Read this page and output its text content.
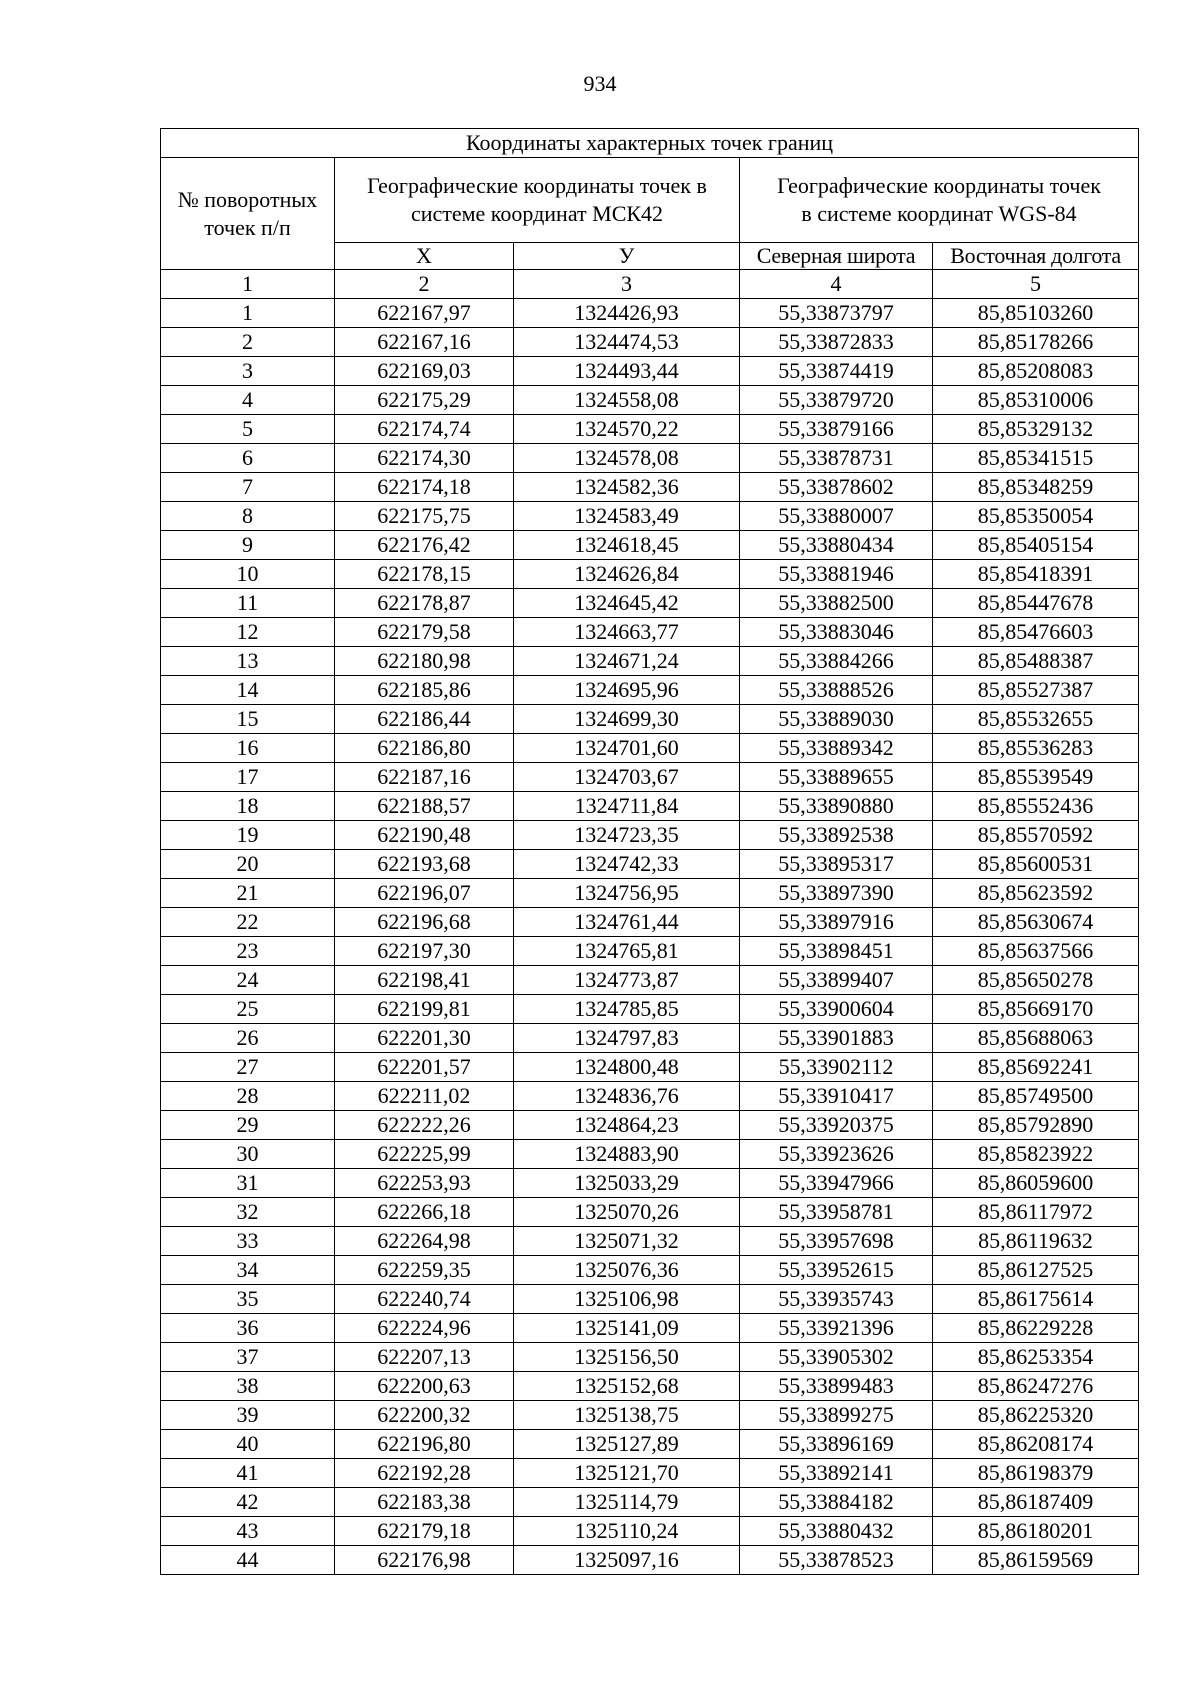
934
Координаты характерных точек границ				
№ поворотных точек п/п	Географические координаты точек в системе координат МСК42		Географические координаты точек в системе координат WGS-84	
	Х	У	Северная широта	Восточная долгота
1	2	3	4	5
1	622167,97	1324426,93	55,33873797	85,85103260
2	622167,16	1324474,53	55,33872833	85,85178266
3	622169,03	1324493,44	55,33874419	85,85208083
4	622175,29	1324558,08	55,33879720	85,85310006
5	622174,74	1324570,22	55,33879166	85,85329132
6	622174,30	1324578,08	55,33878731	85,85341515
7	622174,18	1324582,36	55,33878602	85,85348259
8	622175,75	1324583,49	55,33880007	85,85350054
9	622176,42	1324618,45	55,33880434	85,85405154
10	622178,15	1324626,84	55,33881946	85,85418391
11	622178,87	1324645,42	55,33882500	85,85447678
12	622179,58	1324663,77	55,33883046	85,85476603
13	622180,98	1324671,24	55,33884266	85,85488387
14	622185,86	1324695,96	55,33888526	85,85527387
15	622186,44	1324699,30	55,33889030	85,85532655
16	622186,80	1324701,60	55,33889342	85,85536283
17	622187,16	1324703,67	55,33889655	85,85539549
18	622188,57	1324711,84	55,33890880	85,85552436
19	622190,48	1324723,35	55,33892538	85,85570592
20	622193,68	1324742,33	55,33895317	85,85600531
21	622196,07	1324756,95	55,33897390	85,85623592
22	622196,68	1324761,44	55,33897916	85,85630674
23	622197,30	1324765,81	55,33898451	85,85637566
24	622198,41	1324773,87	55,33899407	85,85650278
25	622199,81	1324785,85	55,33900604	85,85669170
26	622201,30	1324797,83	55,33901883	85,85688063
27	622201,57	1324800,48	55,33902112	85,85692241
28	622211,02	1324836,76	55,33910417	85,85749500
29	622222,26	1324864,23	55,33920375	85,85792890
30	622225,99	1324883,90	55,33923626	85,85823922
31	622253,93	1325033,29	55,33947966	85,86059600
32	622266,18	1325070,26	55,33958781	85,86117972
33	622264,98	1325071,32	55,33957698	85,86119632
34	622259,35	1325076,36	55,33952615	85,86127525
35	622240,74	1325106,98	55,33935743	85,86175614
36	622224,96	1325141,09	55,33921396	85,86229228
37	622207,13	1325156,50	55,33905302	85,86253354
38	622200,63	1325152,68	55,33899483	85,86247276
39	622200,32	1325138,75	55,33899275	85,86225320
40	622196,80	1325127,89	55,33896169	85,86208174
41	622192,28	1325121,70	55,33892141	85,86198379
42	622183,38	1325114,79	55,33884182	85,86187409
43	622179,18	1325110,24	55,33880432	85,86180201
44	622176,98	1325097,16	55,33878523	85,86159569
